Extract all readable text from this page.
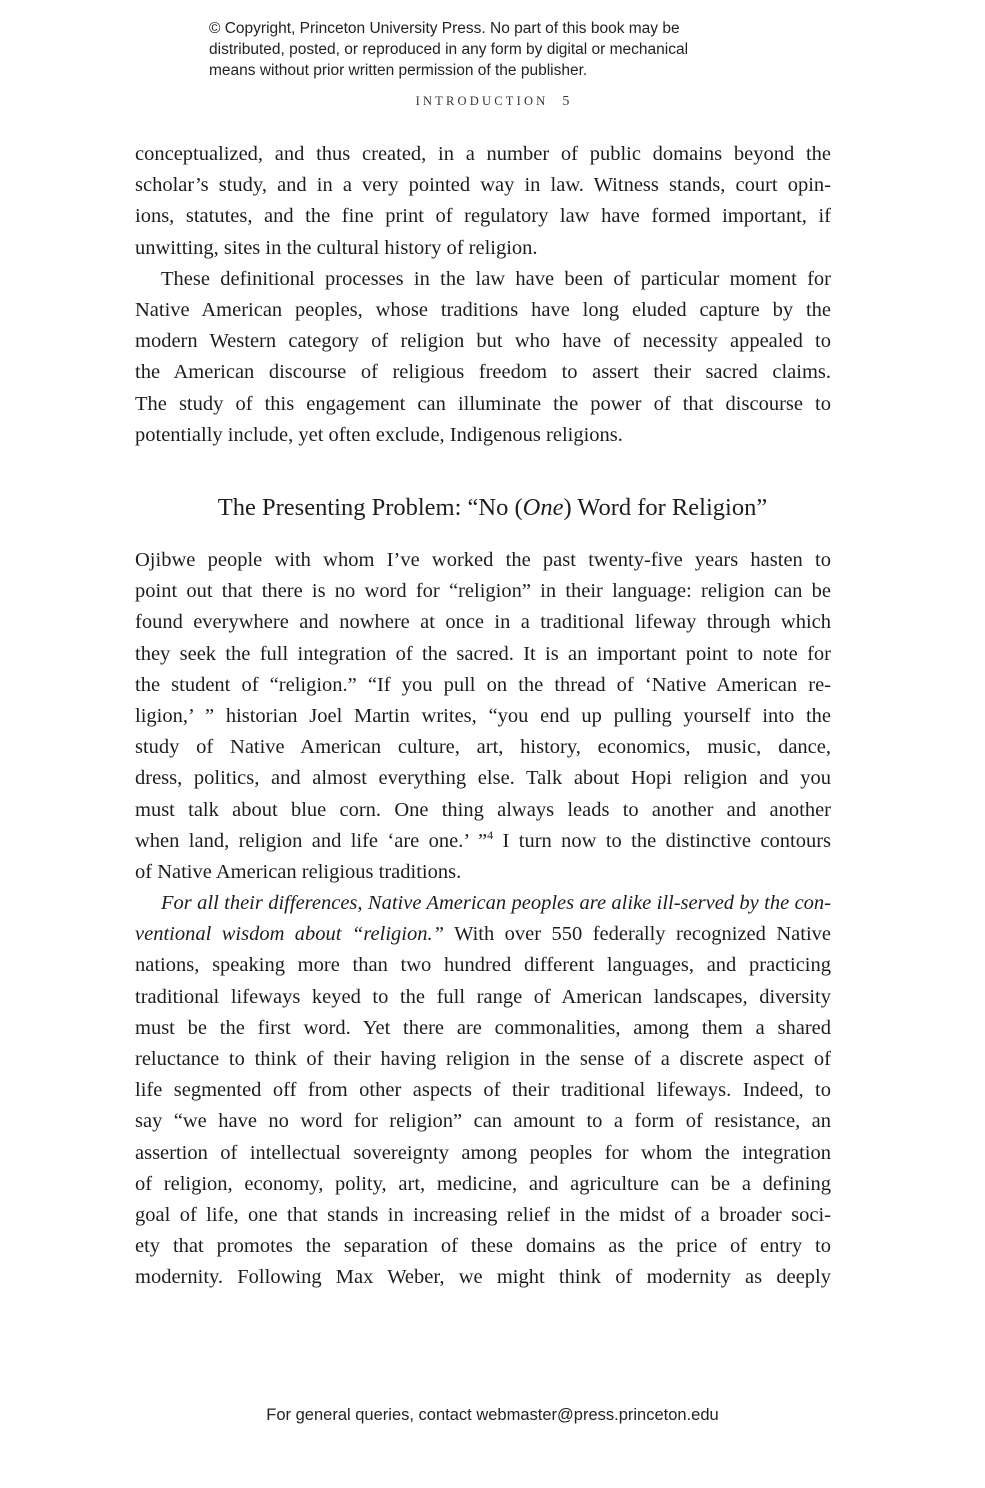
© Copyright, Princeton University Press. No part of this book may be
distributed, posted, or reproduced in any form by digital or mechanical
means without prior written permission of the publisher.
INTRODUCTION 5
conceptualized, and thus created, in a number of public domains beyond the
scholar’s study, and in a very pointed way in law. Witness stands, court opin-
ions, statutes, and the fine print of regulatory law have formed important, if
unwitting, sites in the cultural history of religion.
These definitional processes in the law have been of particular moment for
Native American peoples, whose traditions have long eluded capture by the
modern Western category of religion but who have of necessity appealed to
the American discourse of religious freedom to assert their sacred claims.
The study of this engagement can illuminate the power of that discourse to
potentially include, yet often exclude, Indigenous religions.
The Presenting Problem: “No (One) Word for Religion”
Ojibwe people with whom I’ve worked the past twenty-five years hasten to
point out that there is no word for “religion” in their language: religion can be
found everywhere and nowhere at once in a traditional lifeway through which
they seek the full integration of the sacred. It is an important point to note for
the student of “religion.” “If you pull on the thread of ‘Native American re-
ligion,’ ” historian Joel Martin writes, “you end up pulling yourself into the
study of Native American culture, art, history, economics, music, dance,
dress, politics, and almost everything else. Talk about Hopi religion and you
must talk about blue corn. One thing always leads to another and another
when land, religion and life ‘are one.’ ”$^4$ I turn now to the distinctive contours
of Native American religious traditions.
For all their differences, Native American peoples are alike ill-served by the con-
ventional wisdom about “religion.” With over 550 federally recognized Native
nations, speaking more than two hundred different languages, and practicing
traditional lifeways keyed to the full range of American landscapes, diversity
must be the first word. Yet there are commonalities, among them a shared
reluctance to think of their having religion in the sense of a discrete aspect of
life segmented off from other aspects of their traditional lifeways. Indeed, to
say “we have no word for religion” can amount to a form of resistance, an
assertion of intellectual sovereignty among peoples for whom the integration
of religion, economy, polity, art, medicine, and agriculture can be a defining
goal of life, one that stands in increasing relief in the midst of a broader soci-
ety that promotes the separation of these domains as the price of entry to
modernity. Following Max Weber, we might think of modernity as deeply
For general queries, contact webmaster@press.princeton.edu
